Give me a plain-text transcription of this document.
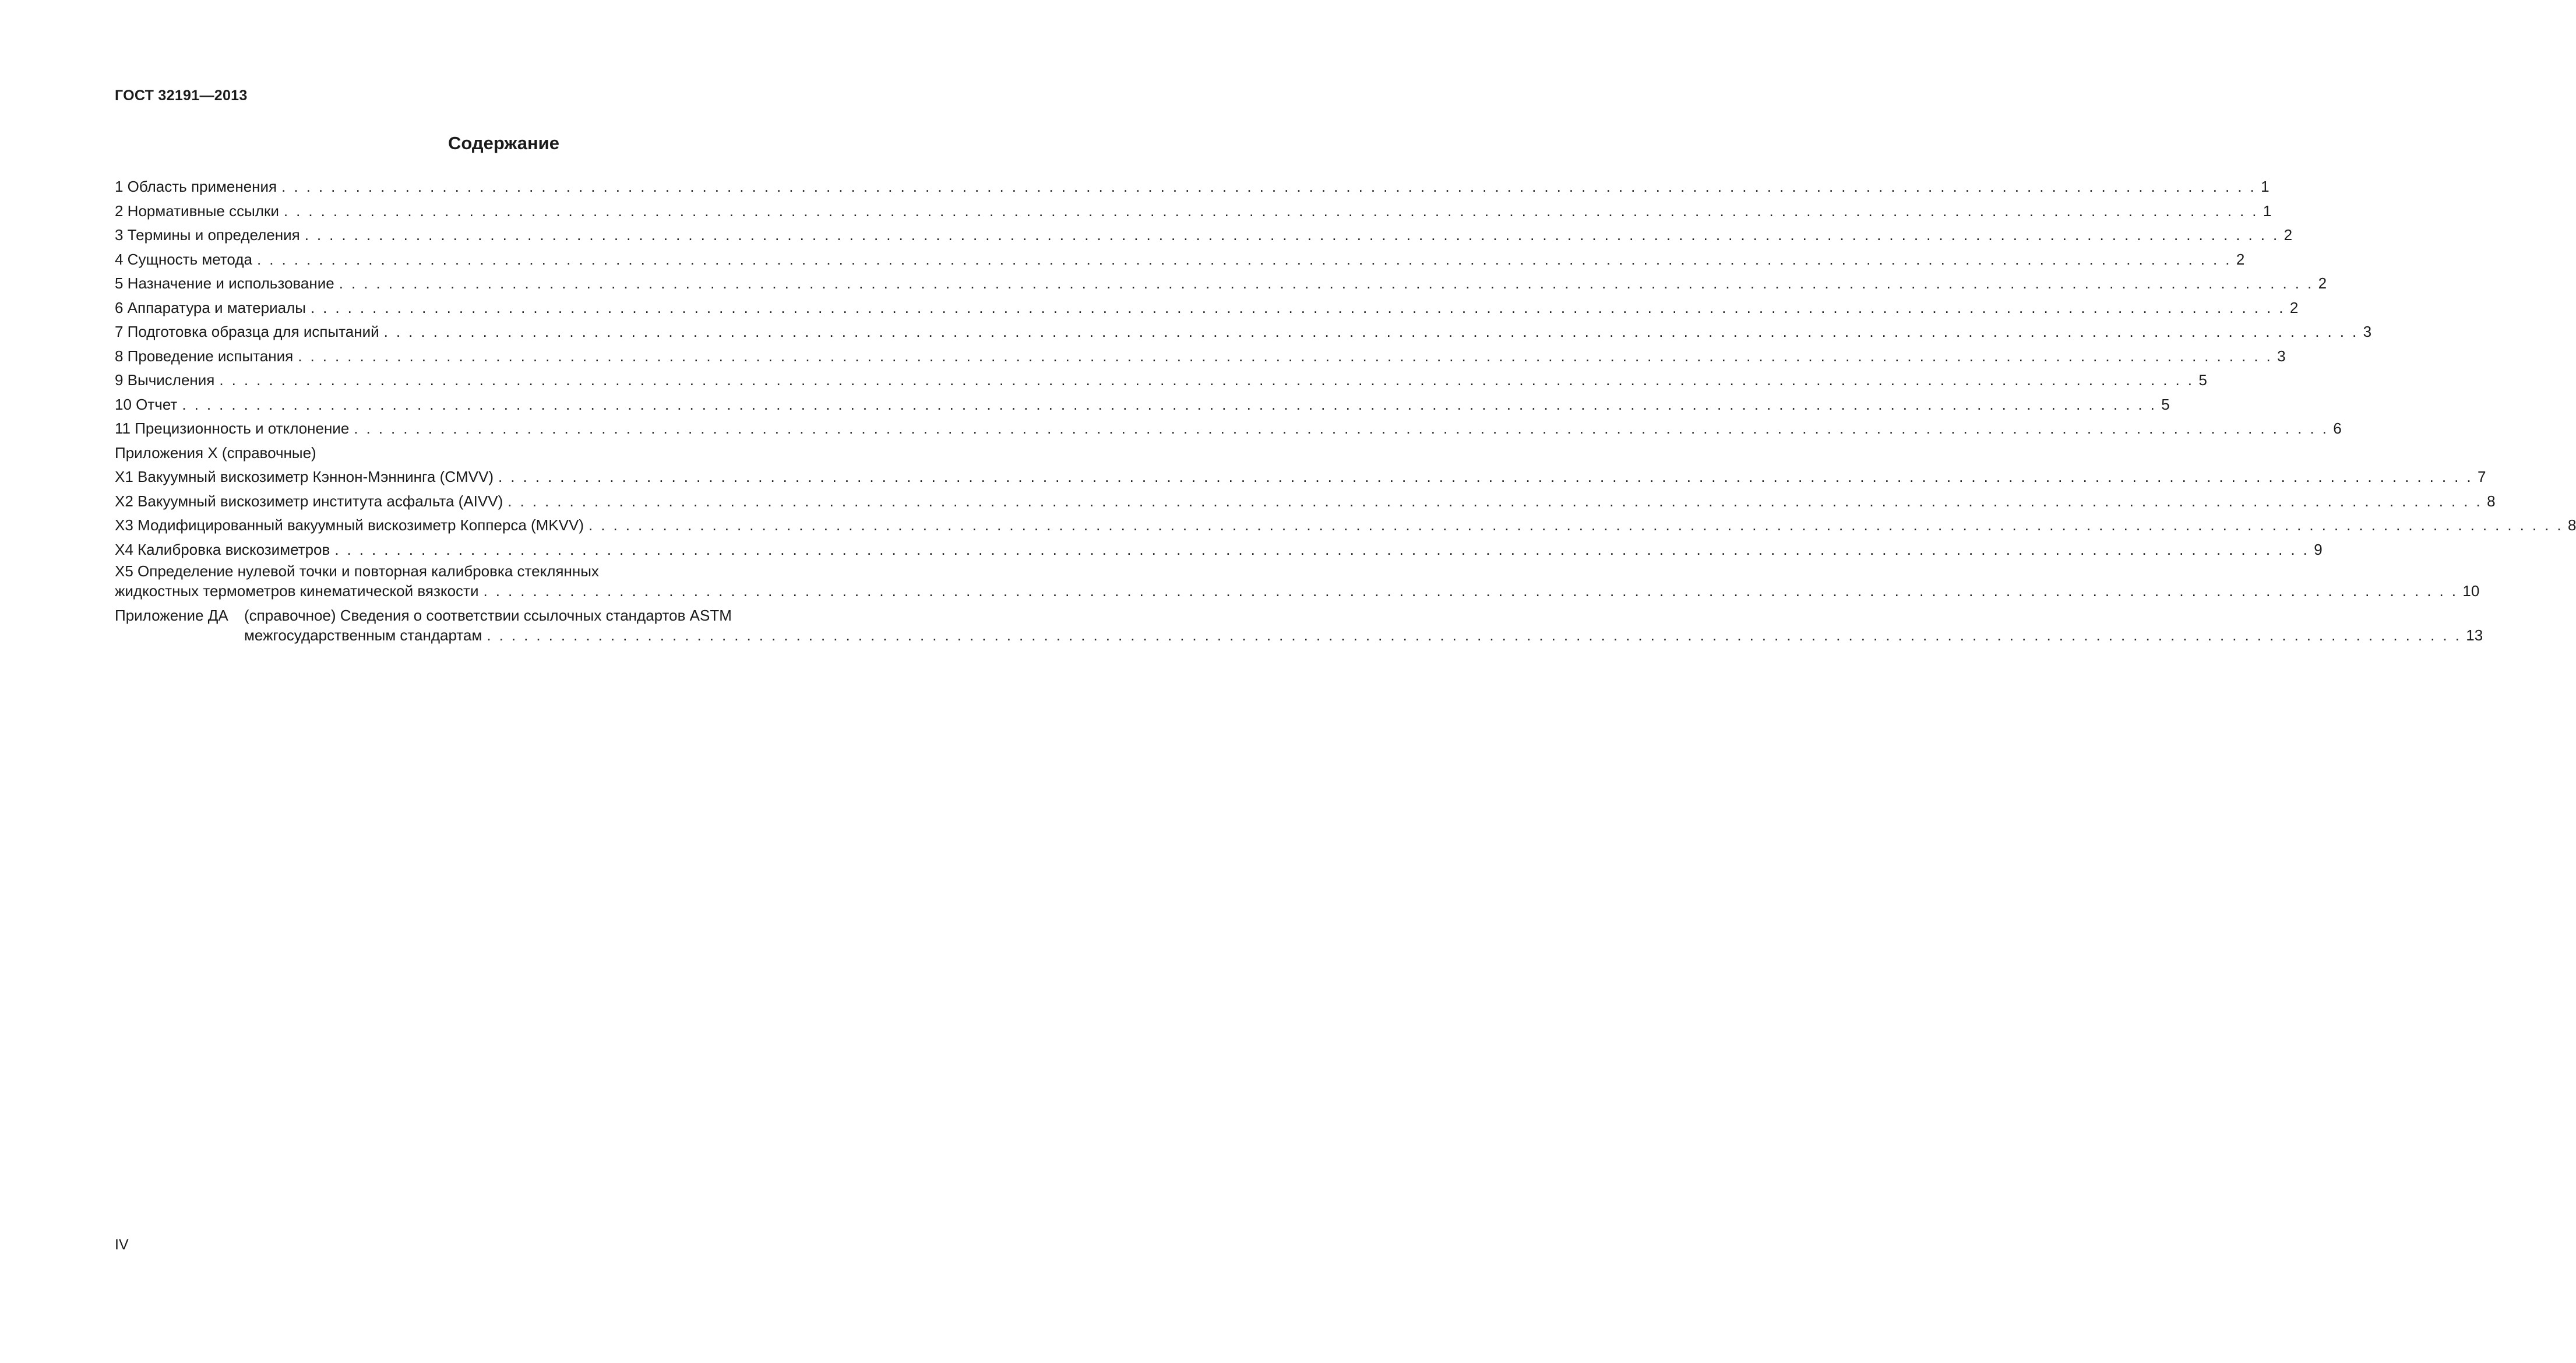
ГОСТ 32191—2013
Содержание
1 Область применения . . . . . . . . . . . . . . . . . . . . . . . . . . . . . . . . . . . . . . . . . . . . . . . . . . . . . . . . . . . . . . . . . . . . . . . . . . . . . . . . . . . . . . . . . . . . . . . . . . . . . . . . . . . . . . . . . . . . . . . . . . . . . . . . . . . . . . . . . . . . . . . . . . . . . . . . . . . . . . . . 1
2 Нормативные ссылки . . . . . . . . . . . . . . . . . . . . . . . . . . . . . . . . . . . . . . . . . . . . . . . . . . . . . . . . . . . . . . . . . . . . . . . . . . . . . . . . . . . . . . . . . . . . . . . . . . . . . . . . . . . . . . . . . . . . . . . . . . . . . . . . . . . . . . . . . . . . . . . . . . . . . . . . . . . . . . . . 1
3 Термины и определения . . . . . . . . . . . . . . . . . . . . . . . . . . . . . . . . . . . . . . . . . . . . . . . . . . . . . . . . . . . . . . . . . . . . . . . . . . . . . . . . . . . . . . . . . . . . . . . . . . . . . . . . . . . . . . . . . . . . . . . . . . . . . . . . . . . . . . . . . . . . . . . . . . . . . . . . . . . . . . . . 2
4 Сущность метода . . . . . . . . . . . . . . . . . . . . . . . . . . . . . . . . . . . . . . . . . . . . . . . . . . . . . . . . . . . . . . . . . . . . . . . . . . . . . . . . . . . . . . . . . . . . . . . . . . . . . . . . . . . . . . . . . . . . . . . . . . . . . . . . . . . . . . . . . . . . . . . . . . . . . . . . . . . . . . . . 2
5 Назначение и использование . . . . . . . . . . . . . . . . . . . . . . . . . . . . . . . . . . . . . . . . . . . . . . . . . . . . . . . . . . . . . . . . . . . . . . . . . . . . . . . . . . . . . . . . . . . . . . . . . . . . . . . . . . . . . . . . . . . . . . . . . . . . . . . . . . . . . . . . . . . . . . . . . . . . . . . . . . . . . . . . 2
6 Аппаратура и материалы . . . . . . . . . . . . . . . . . . . . . . . . . . . . . . . . . . . . . . . . . . . . . . . . . . . . . . . . . . . . . . . . . . . . . . . . . . . . . . . . . . . . . . . . . . . . . . . . . . . . . . . . . . . . . . . . . . . . . . . . . . . . . . . . . . . . . . . . . . . . . . . . . . . . . . . . . . . . . . . . 2
7 Подготовка образца для испытаний . . . . . . . . . . . . . . . . . . . . . . . . . . . . . . . . . . . . . . . . . . . . . . . . . . . . . . . . . . . . . . . . . . . . . . . . . . . . . . . . . . . . . . . . . . . . . . . . . . . . . . . . . . . . . . . . . . . . . . . . . . . . . . . . . . . . . . . . . . . . . . . . . . . . . . . . . . . . . . . . 3
8 Проведение испытания . . . . . . . . . . . . . . . . . . . . . . . . . . . . . . . . . . . . . . . . . . . . . . . . . . . . . . . . . . . . . . . . . . . . . . . . . . . . . . . . . . . . . . . . . . . . . . . . . . . . . . . . . . . . . . . . . . . . . . . . . . . . . . . . . . . . . . . . . . . . . . . . . . . . . . . . . . . . . . . . 3
9 Вычисления . . . . . . . . . . . . . . . . . . . . . . . . . . . . . . . . . . . . . . . . . . . . . . . . . . . . . . . . . . . . . . . . . . . . . . . . . . . . . . . . . . . . . . . . . . . . . . . . . . . . . . . . . . . . . . . . . . . . . . . . . . . . . . . . . . . . . . . . . . . . . . . . . . . . . . . . . . . . . . . . 5
10 Отчет . . . . . . . . . . . . . . . . . . . . . . . . . . . . . . . . . . . . . . . . . . . . . . . . . . . . . . . . . . . . . . . . . . . . . . . . . . . . . . . . . . . . . . . . . . . . . . . . . . . . . . . . . . . . . . . . . . . . . . . . . . . . . . . . . . . . . . . . . . . . . . . . . . . . . . . . . . . . . . . . 5
11 Прецизионность и отклонение . . . . . . . . . . . . . . . . . . . . . . . . . . . . . . . . . . . . . . . . . . . . . . . . . . . . . . . . . . . . . . . . . . . . . . . . . . . . . . . . . . . . . . . . . . . . . . . . . . . . . . . . . . . . . . . . . . . . . . . . . . . . . . . . . . . . . . . . . . . . . . . . . . . . . . . . . . . . . . . . 6
Приложения X (справочные)
X1 Вакуумный вискозиметр Кэннон-Мэннинга (CMVV) . . . . . . . . . . . . . . . . . . . . . . . . . . . . . . . . . . . . . . . . . . . . . . . . . . . . . . . . . . . . . . . . . . . . . . . . . . . . . . . . . . . . . . . . . . . . . . . . . . . . . . . . . . . . . . . . . . . . . . . . . . . . . . . . . . . . . . . . . . . . . . . . . . . . . . . . . . . . . . . . 7
X2 Вакуумный вискозиметр института асфальта (AIVV) . . . . . . . . . . . . . . . . . . . . . . . . . . . . . . . . . . . . . . . . . . . . . . . . . . . . . . . . . . . . . . . . . . . . . . . . . . . . . . . . . . . . . . . . . . . . . . . . . . . . . . . . . . . . . . . . . . . . . . . . . . . . . . . . . . . . . . . . . . . . . . . . . . . . . . . . . . . . . . . . 8
X3 Модифицированный вакуумный вискозиметр Копперса (MKVV) . . . . . . . . . . . . . . . . . . . . . . . . . . . . . . . . . . . . . . . . . . . . . . . . . . . . . . . . . . . . . . . . . . . . . . . . . . . . . . . . . . . . . . . . . . . . . . . . . . . . . . . . . . . . . . . . . . . . . . . . . . . . . . . . . . . . . . . . . . . . . . . . . . . . . . . . . . . . . . . . 8
X4 Калибровка вискозиметров . . . . . . . . . . . . . . . . . . . . . . . . . . . . . . . . . . . . . . . . . . . . . . . . . . . . . . . . . . . . . . . . . . . . . . . . . . . . . . . . . . . . . . . . . . . . . . . . . . . . . . . . . . . . . . . . . . . . . . . . . . . . . . . . . . . . . . . . . . . . . . . . . . . . . . . . . . . . . . . . 9
X5 Определение нулевой точки и повторная калибровка стеклянных
жидкостных термометров кинематической вязкости . . . . . . . . . . . . . . . . . . . . . . . . . . . . . . . . . . . . . . . . . . . . . . . . . . . . . . . . . . . . . . . . . . . . . . . . . . . . . . . . . . . . . . . . . . . . . . . . . . . . . . . . . . . . . . . . . . . . . . . . . . . . . . . . . . . . . . . . . . . . . . . . . . . . . . . . . . . . . . . . 10
Приложение ДА (справочное) Сведения о соответствии ссылочных стандартов ASTM
межгосударственным стандартам . . . . . . . . . . . . . . . . . . . . . . . . . . . . . . . . . . . . . . . . . . . . . . . . . . . . . . . . . . . . . . . . . . . . . . . . . . . . . . . . . . . . . . . . . . . . . . . . . . . . . . . . . . . . . . . . . . . . . . . . . . . . . . . . . . . . . . . . . . . . . . . . . . . . . . . . . . . . . . . . 13
IV
